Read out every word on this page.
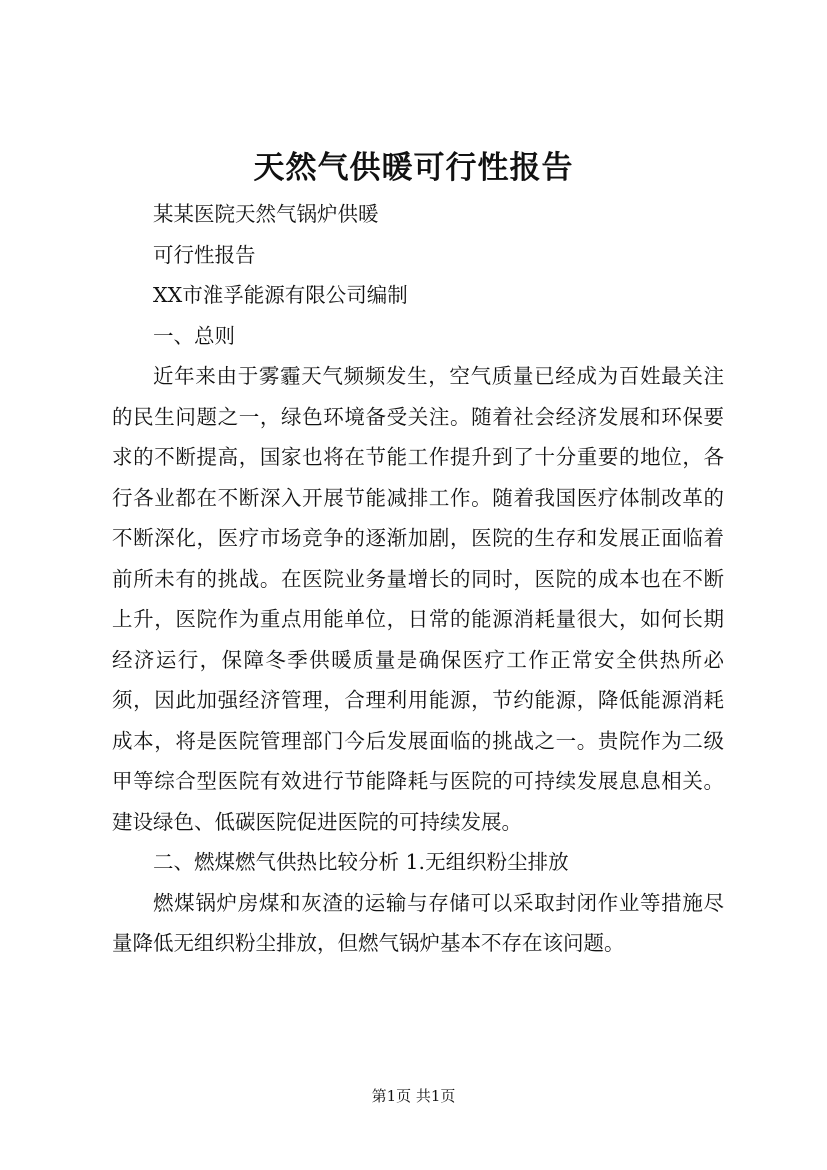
天然气供暖可行性报告
某某医院天然气锅炉供暖
可行性报告
XX市淮孚能源有限公司编制
一、总则

近年来由于雾霾天气频频发生，空气质量已经成为百姓最关注的民生问题之一，绿色环境备受关注。随着社会经济发展和环保要求的不断提高，国家也将在节能工作提升到了十分重要的地位，各行各业都在不断深入开展节能减排工作。随着我国医疗体制改革的不断深化，医疗市场竞争的逐渐加剧，医院的生存和发展正面临着前所未有的挑战。在医院业务量增长的同时，医院的成本也在不断上升，医院作为重点用能单位，日常的能源消耗量很大，如何长期经济运行，保障冬季供暖质量是确保医疗工作正常安全供热所必须，因此加强经济管理，合理利用能源，节约能源，降低能源消耗成本，将是医院管理部门今后发展面临的挑战之一。贵院作为二级甲等综合型医院有效进行节能降耗与医院的可持续发展息息相关。建设绿色、低碳医院促进医院的可持续发展。

二、燃煤燃气供热比较分析 1.无组织粉尘排放

燃煤锅炉房煤和灰渣的运输与存储可以采取封闭作业等措施尽量降低无组织粉尘排放，但燃气锅炉基本不存在该问题。

第1页 共1页
